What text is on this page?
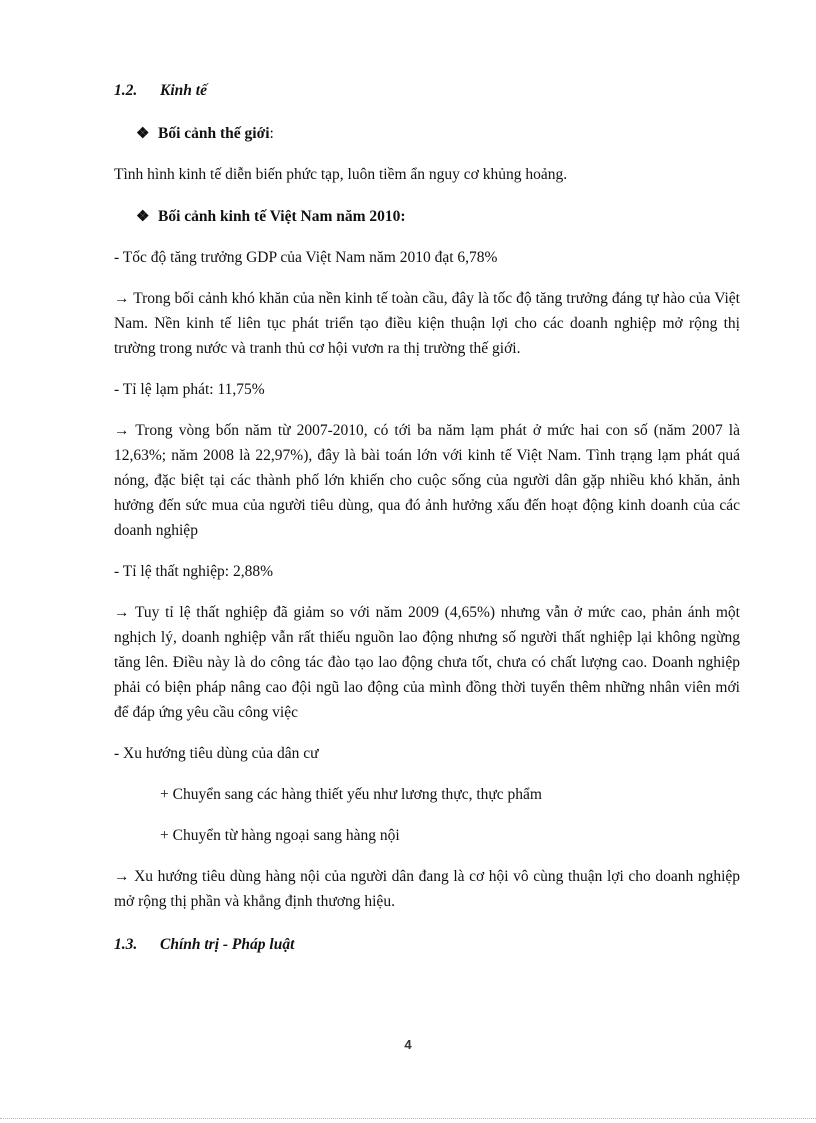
1.2. Kinh tế

❖ Bối cảnh thế giới:

Tình hình kinh tế diễn biến phức tạp, luôn tiềm ẩn nguy cơ khủng hoảng.

❖ Bối cảnh kinh tế Việt Nam năm 2010:

- Tốc độ tăng trưởng GDP của Việt Nam năm 2010 đạt 6,78%

→ Trong bối cảnh khó khăn của nền kinh tế toàn cầu, đây là tốc độ tăng trưởng đáng tự hào của Việt Nam. Nền kinh tế liên tục phát triển tạo điều kiện thuận lợi cho các doanh nghiệp mở rộng thị trường trong nước và tranh thủ cơ hội vươn ra thị trường thế giới.

- Tỉ lệ lạm phát: 11,75%

→ Trong vòng bốn năm từ 2007-2010, có tới ba năm lạm phát ở mức hai con số (năm 2007 là 12,63%; năm 2008 là 22,97%), đây là bài toán lớn với kinh tế Việt Nam. Tình trạng lạm phát quá nóng, đặc biệt tại các thành phố lớn khiến cho cuộc sống của người dân gặp nhiều khó khăn, ảnh hưởng đến sức mua của người tiêu dùng, qua đó ảnh hưởng xấu đến hoạt động kinh doanh của các doanh nghiệp

- Tỉ lệ thất nghiệp: 2,88%

→ Tuy tỉ lệ thất nghiệp đã giảm so với năm 2009 (4,65%) nhưng vẫn ở mức cao, phản ánh một nghịch lý, doanh nghiệp vẫn rất thiếu nguồn lao động nhưng số người thất nghiệp lại không ngừng tăng lên. Điều này là do công tác đào tạo lao động chưa tốt, chưa có chất lượng cao. Doanh nghiệp phải có biện pháp nâng cao đội ngũ lao động của mình đồng thời tuyển thêm những nhân viên mới để đáp ứng yêu cầu công việc

- Xu hướng tiêu dùng của dân cư

+ Chuyển sang các hàng thiết yếu như lương thực, thực phẩm

+ Chuyển từ hàng ngoại sang hàng nội

→ Xu hướng tiêu dùng hàng nội của người dân đang là cơ hội vô cùng thuận lợi cho doanh nghiệp mở rộng thị phần và khẳng định thương hiệu.

1.3. Chính trị - Pháp luật

4
